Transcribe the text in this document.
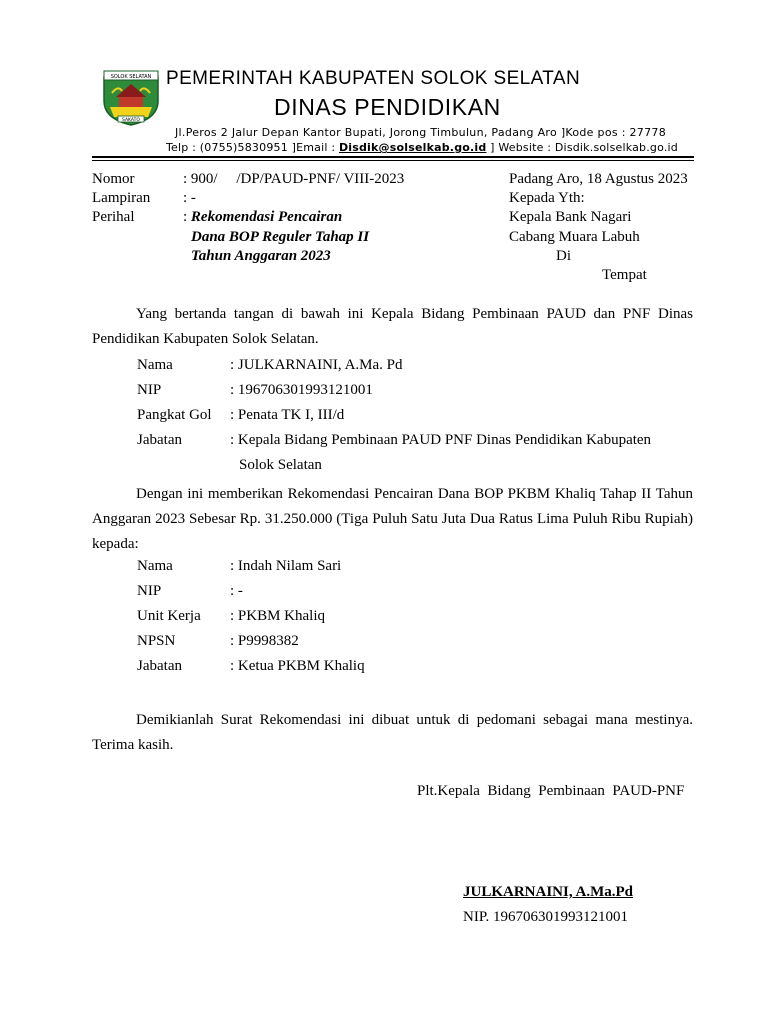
SOLOK SELATAN
SAKATO
PEMERINTAH KABUPATEN SOLOK SELATAN
DINAS PENDIDIKAN
Jl.Peros 2 Jalur Depan Kantor Bupati, Jorong Timbulun, Padang Aro ]Kode pos : 27778
Telp : (0755)5830951 ]Email : Disdik@solselkab.go.id ] Website : Disdik.solselkab.go.id
Nomor	: 900/     /DP/PAUD-PNF/ VIII-2023
Lampiran : -
Perihal	: Rekomendasi Pencairan
Dana BOP Reguler Tahap II
Tahun Anggaran 2023
Padang Aro, 18 Agustus 2023
Kepada Yth:
Kepala Bank Nagari
Cabang Muara Labuh
Di
Tempat
Yang bertanda tangan di bawah ini Kepala Bidang Pembinaan PAUD dan PNF Dinas Pendidikan Kabupaten Solok Selatan.
Nama	: JULKARNAINI, A.Ma. Pd
NIP	: 196706301993121001
Pangkat Gol : Penata TK I, III/d
Jabatan	: Kepala Bidang Pembinaan PAUD PNF Dinas Pendidikan Kabupaten
Solok Selatan
Dengan ini memberikan Rekomendasi Pencairan Dana BOP PKBM Khaliq Tahap II Tahun Anggaran 2023 Sebesar Rp. 31.250.000 (Tiga Puluh Satu Juta Dua Ratus Lima Puluh Ribu Rupiah) kepada:
Nama	: Indah Nilam Sari
NIP	: -
Unit Kerja : PKBM Khaliq
NPSN	: P9998382
Jabatan	: Ketua PKBM Khaliq
Demikianlah Surat Rekomendasi ini dibuat untuk di pedomani sebagai mana mestinya. Terima kasih.
Plt.Kepala  Bidang  Pembinaan  PAUD-PNF
JULKARNAINI, A.Ma.Pd
NIP. 196706301993121001
